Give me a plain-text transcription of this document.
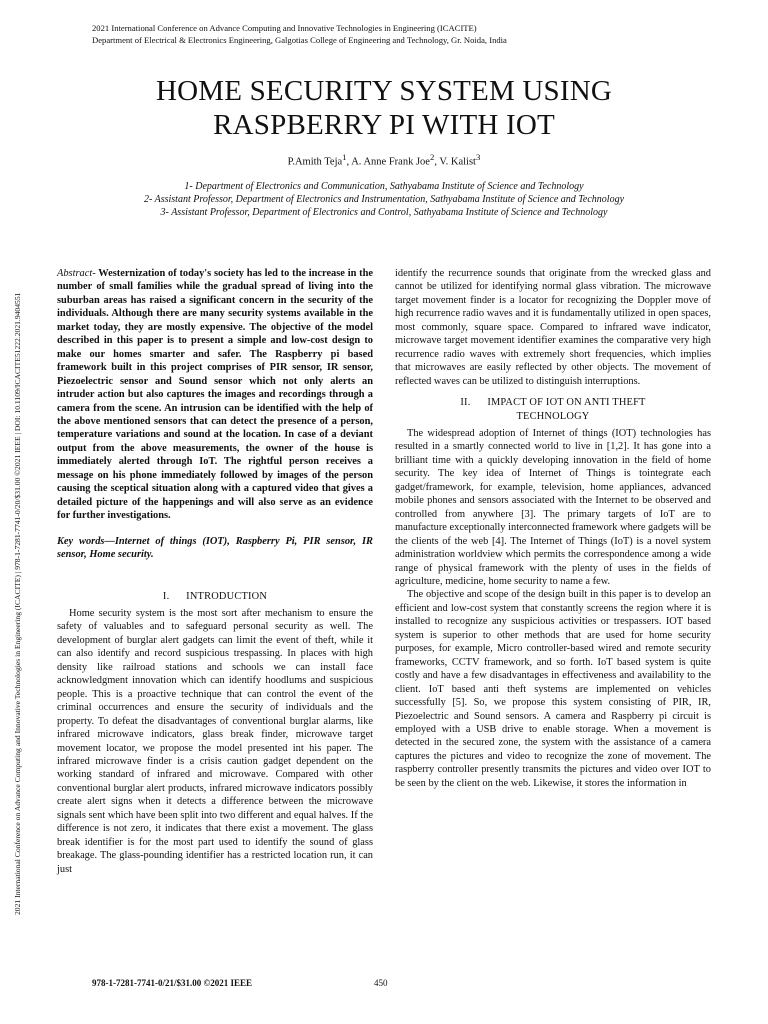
2021 International Conference on Advance Computing and Innovative Technologies in Engineering (ICACITE)
Department of Electrical & Electronics Engineering, Galgotias College of Engineering and Technology, Gr. Noida, India
2021 International Conference on Advance Computing and Innovative Technologies in Engineering (ICACITE) | 978-1-7281-7741-0/20/$31.00 ©2021 IEEE | DOI: 10.1109/ICACITE51222.2021.9404551
HOME SECURITY SYSTEM USING
RASPBERRY PI WITH IOT
P.Amith Teja$^1$, A. Anne Frank Joe$^2$, V. Kalist$^3$
1- Department of Electronics and Communication, Sathyabama Institute of Science and Technology
2- Assistant Professor, Department of Electronics and Instrumentation, Sathyabama Institute of Science and Technology
3- Assistant Professor, Department of Electronics and Control, Sathyabama Institute of Science and Technology

Abstract- Westernization of today's society has led to the increase in the number of small families while the gradual spread of living into the suburban areas has raised a significant concern in the security of the individuals. Although there are many security systems available in the market today, they are mostly expensive. The objective of the model described in this paper is to present a simple and low-cost design to make our homes smarter and safer. The Raspberry pi based framework built in this project comprises of PIR sensor, IR sensor, Piezoelectric sensor and Sound sensor which not only alerts an intruder action but also captures the images and recordings through a camera from the scene. An intrusion can be identified with the help of the above mentioned sensors that can detect the presence of a person, temperature variations and sound at the location. In case of a deviant output from the above measurements, the owner of the house is immediately alerted through IoT. The rightful person receives a message on his phone immediately followed by images of the person causing the sceptical situation along with a captured video that gives a detailed picture of the happenings and will also serve as an evidence for further investigations.

Key words—Internet of things (IOT), Raspberry Pi, PIR sensor, IR sensor, Home security.

I. INTRODUCTION

Home security system is the most sort after mechanism to ensure the safety of valuables and to safeguard personal security as well. The development of burglar alert gadgets can limit the event of theft, while it can also identify and record suspicious trespassing. In places with high density like railroad stations and schools we can install face acknowledgment innovation which can identify hoodlums and suspicious people. This is a proactive technique that can control the event of the criminal occurrences and ensure the security of individuals and the property. To defeat the disadvantages of conventional burglar alarms, like infrared microwave indicators, glass break finder, microwave target movement locator, we propose the model presented int his paper. The infrared microwave finder is a crisis caution gadget dependent on the working standard of infrared and microwave. Compared with other conventional burglar alert products, infrared microwave indicators possibly create alert signs when it detects a difference between the microwave signals sent which have been split into two different and equal halves. If the difference is not zero, it indicates that there exist a movement. The glass break identifier is for the most part used to identify the sound of glass breakage. The glass-pounding identifier has a restricted location run, it can just

identify the recurrence sounds that originate from the wrecked glass and cannot be utilized for identifying normal glass vibration. The microwave target movement finder is a locator for recognizing the Doppler move of high recurrence radio waves and it is fundamentally utilized in open spaces, most commonly, square space. Compared to infrared wave indicator, microwave target movement identifier examines the comparative very high recurrence radio waves with extremely short frequencies, which implies that microwaves are easily reflected by other objects. The movement of reflected waves can be utilized to distinguish interruptions.

II. IMPACT OF IOT ON ANTI THEFT
TECHNOLOGY

The widespread adoption of Internet of things (IOT) technologies has resulted in a smartly connected world to live in [1,2]. It has gone into a brilliant time with a quickly developing innovation in the field of home security. The key idea of Internet of Things is tointegrate each gadget/framework, for example, television, home appliances, advanced mobile phones and sensors associated with the Internet to be observed and controlled from anywhere [3]. The primary targets of IoT are to manufacture exceptionally interconnected framework where gadgets will be the clients of the web [4]. The Internet of Things (IoT) is a novel system administration worldview which permits the correspondence among a wide range of physical framework with the plenty of uses in the fields of agriculture, medicine, home security to name a few.

The objective and scope of the design built in this paper is to develop an efficient and low-cost system that constantly screens the region where it is installed to recognize any suspicious activities or trespassers. IOT based system is superior to other methods that are used for home security purposes, for example, Micro controller-based wired and remote security frameworks, CCTV framework, and so forth. IoT based system is quite costly and have a few disadvantages in effectiveness and availability to the client. IoT based anti theft systems are implemented on vehicles successfully [5]. So, we propose this system consisting of PIR, IR, Piezoelectric and Sound sensors. A camera and Raspberry pi circuit is employed with a USB drive to enable storage. When a movement is detected in the secured zone, the system with the assistance of a camera captures the pictures and video to recognize the zone of movement. The raspberry controller presently transmits the pictures and video over IOT to be seen by the client on the web. Likewise, it stores the information in

978-1-7281-7741-0/21/$31.00 ©2021 IEEE	450
